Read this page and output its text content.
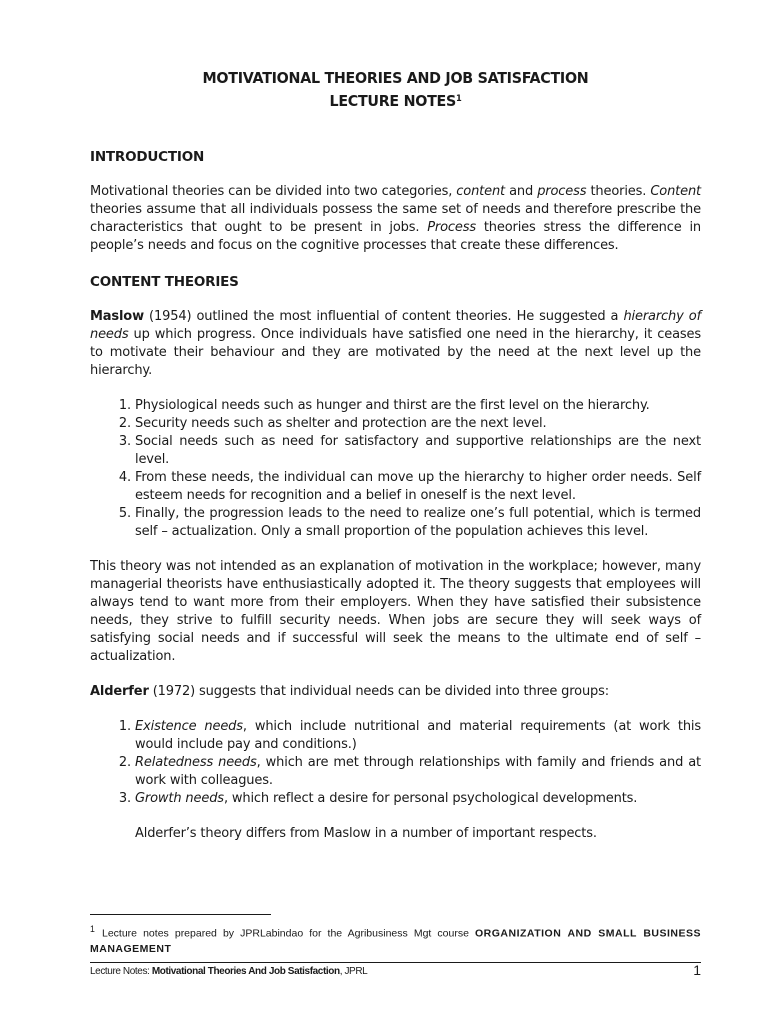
MOTIVATIONAL THEORIES AND JOB SATISFACTION
LECTURE NOTES$^1$
INTRODUCTION

Motivational theories can be divided into two categories, content and process theories. Content theories assume that all individuals possess the same set of needs and therefore prescribe the characteristics that ought to be present in jobs. Process theories stress the difference in people’s needs and focus on the cognitive processes that create these differences.

CONTENT THEORIES

Maslow (1954) outlined the most influential of content theories. He suggested a hierarchy of needs up which progress. Once individuals have satisfied one need in the hierarchy, it ceases to motivate their behaviour and they are motivated by the need at the next level up the hierarchy.

1. Physiological needs such as hunger and thirst are the first level on the hierarchy.
2. Security needs such as shelter and protection are the next level.
3. Social needs such as need for satisfactory and supportive relationships are the next level.
4. From these needs, the individual can move up the hierarchy to higher order needs. Self esteem needs for recognition and a belief in oneself is the next level.
5. Finally, the progression leads to the need to realize one’s full potential, which is termed self – actualization. Only a small proportion of the population achieves this level.

This theory was not intended as an explanation of motivation in the workplace; however, many managerial theorists have enthusiastically adopted it. The theory suggests that employees will always tend to want more from their employers. When they have satisfied their subsistence needs, they strive to fulfill security needs. When jobs are secure they will seek ways of satisfying social needs and if successful will seek the means to the ultimate end of self – actualization.

Alderfer (1972) suggests that individual needs can be divided into three groups:

1. Existence needs, which include nutritional and material requirements (at work this would include pay and conditions.)
2. Relatedness needs, which are met through relationships with family and friends and at work with colleagues.
3. Growth needs, which reflect a desire for personal psychological developments.

Alderfer’s theory differs from Maslow in a number of important respects.

$^1$ Lecture notes prepared by JPRLabindao for the Agribusiness Mgt course ORGANIZATION AND SMALL BUSINESS MANAGEMENT
Lecture Notes: Motivational Theories And Job Satisfaction, JPRL	1
